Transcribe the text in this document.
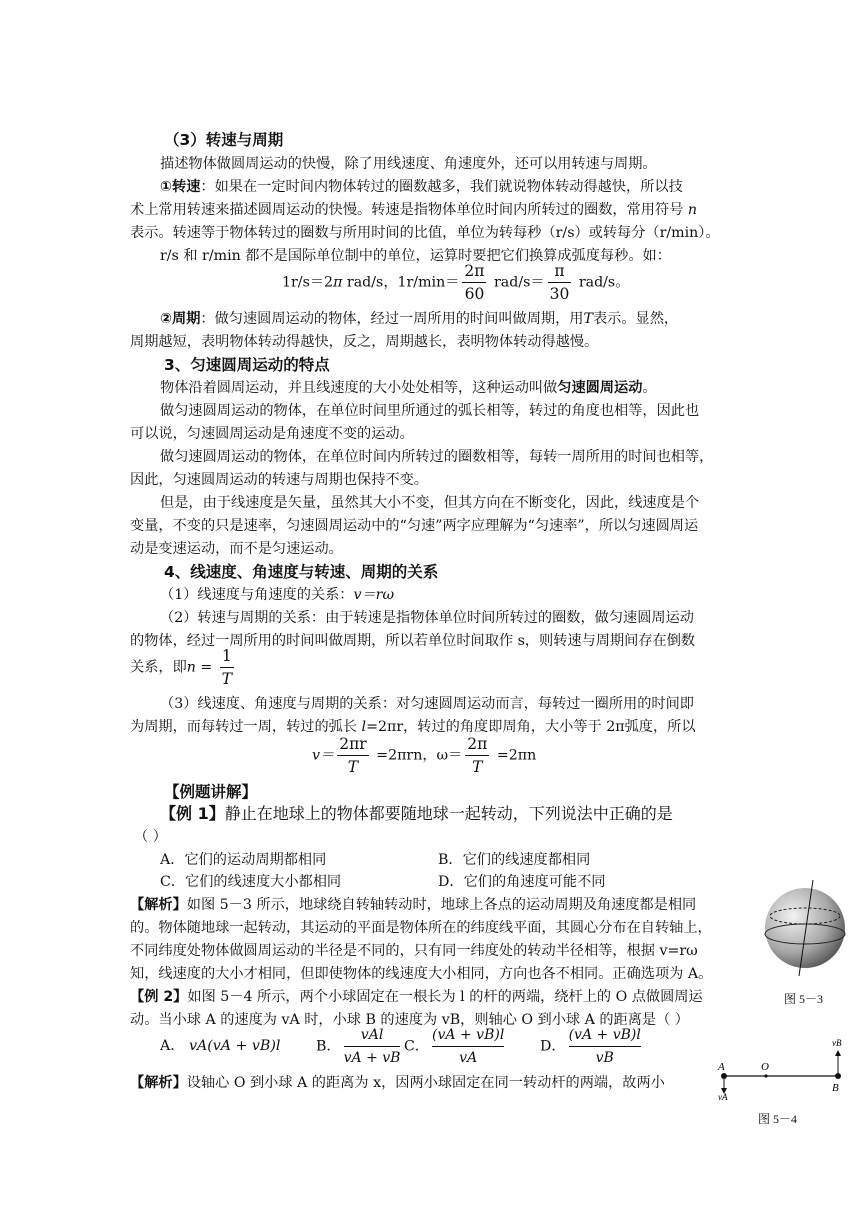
（3）转速与周期
描述物体做圆周运动的快慢，除了用线速度、角速度外，还可以用转速与周期。
①转速：如果在一定时间内物体转过的圈数越多，我们就说物体转动得越快，所以技
术上常用转速来描述圆周运动的快慢。转速是指物体单位时间内所转过的圈数，常用符号 n
表示。转速等于物体转过的圈数与所用时间的比值，单位为转每秒（r/s）或转每分（r/min）。
r/s 和 r/min 都不是国际单位制中的单位，运算时要把它们换算成弧度每秒。如：
1r/s＝2π rad/s，$1r/\min= \frac{2\pi}{60} rad/s= \frac{\pi}{30} rad/s$。
②周期：做匀速圆周运动的物体，经过一周所用的时间叫做周期，用T表示。显然，
周期越短，表明物体转动得越快，反之，周期越长，表明物体转动得越慢。
3、匀速圆周运动的特点
物体沿着圆周运动，并且线速度的大小处处相等，这种运动叫做匀速圆周运动。
做匀速圆周运动的物体，在单位时间里所通过的弧长相等，转过的角度也相等，因此也
可以说，匀速圆周运动是角速度不变的运动。
做匀速圆周运动的物体，在单位时间内所转过的圈数相等，每转一周所用的时间也相等，
因此，匀速圆周运动的转速与周期也保持不变。
但是，由于线速度是矢量，虽然其大小不变，但其方向在不断变化，因此，线速度是个
变量，不变的只是速率，匀速圆周运动中的“匀速”两字应理解为“匀速率”，所以匀速圆周运
动是变速运动，而不是匀速运动。
4、线速度、角速度与转速、周期的关系
（1）线速度与角速度的关系：v＝rω
（2）转速与周期的关系：由于转速是指物体单位时间所转过的圈数，做匀速圆周运动
的物体，经过一周所用的时间叫做周期，所以若单位时间取作 s，则转速与周期间存在倒数
关系，即$n = \frac{1}{T}$
（3）线速度、角速度与周期的关系：对匀速圆周运动而言，每转过一圈所用的时间即
为周期，而每转过一周，转过的弧长 l=2πr，转过的角度即周角，大小等于 2π弧度，所以
$v= \frac{2\pi r}{T} =2\pi rn$，$\omega= \frac{2\pi}{T} =2\pi n$
【例题讲解】
【例 1】静止在地球上的物体都要随地球一起转动，下列说法中正确的是
（ ）
A．它们的运动周期都相同	B．它们的线速度都相同
C．它们的线速度大小都相同	D．它们的角速度可能不同
【解析】如图 5－3 所示，地球绕自转轴转动时，地球上各点的运动周期及角速度都是相同
的。物体随地球一起转动，其运动的平面是物体所在的纬度线平面，其圆心分布在自转轴上，
不同纬度处物体做圆周运动的半径是不同的，只有同一纬度处的转动半径相等，根据 v=rω
知，线速度的大小才相同，但即使物体的线速度大小相同，方向也各不相同。正确选项为 A。
【例 2】如图 5－4 所示，两个小球固定在一根长为 l 的杆的两端，绕杆上的 O 点做圆周运
动。当小球 A 的速度为 vA 时，小球 B 的速度为 vB，则轴心 O 到小球 A 的距离是（ ）
A． vA(vA + vB)l	B． $\frac{\text{vAl}}{vA + vB}$ C． $\frac{(vA + vB)l}{vA}$	D． $\frac{(vA + vB)l}{vB}$
【解析】设轴心 O 到小球 A 的距离为 x，因两小球固定在同一转动杆的两端，故两小
图 5－3
A	O
B
vA
vB
图 5－4
